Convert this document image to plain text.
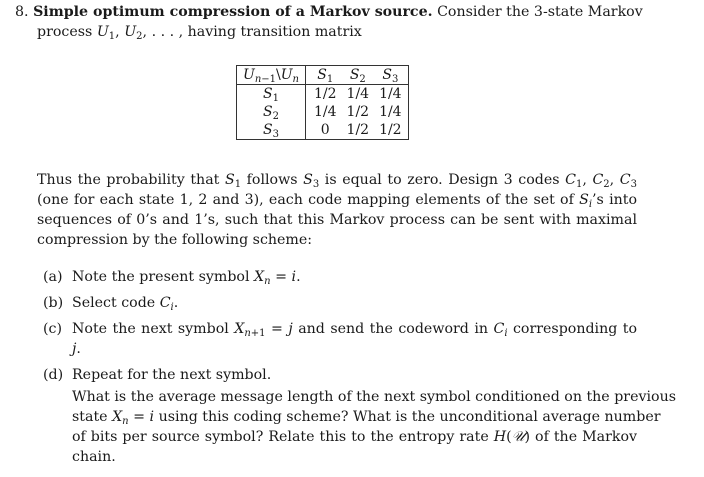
8. Simple optimum compression of a Markov source. Consider the 3-state Markov
process $U_1$, $U_2$, . . . , having transition matrix
$U_{n-1}\backslash U_n$	$S_1$	$S_2$	$S_3$
$S_1$	1/2	1/4	1/4
$S_2$	1/4	1/2	1/4
$S_3$	0	1/2	1/2
Thus the probability that $S_1$ follows $S_3$ is equal to zero. Design 3 codes $C_1$, $C_2$, $C_3$
(one for each state 1, 2 and 3), each code mapping elements of the set of $S_i’s$ into
sequences of 0’s and 1’s, such that this Markov process can be sent with maximal
compression by the following scheme:
(a) Note the present symbol $X_n = i$.
(b) Select code $C_i$.
(c) Note the next symbol $X_{n+1} = j$ and send the codeword in $C_i$ corresponding to
j.
(d) Repeat for the next symbol.
What is the average message length of the next symbol conditioned on the previous
state $X_n = i$ using this coding scheme? What is the unconditional average number
of bits per source symbol? Relate this to the entropy rate H(𝒰) of the Markov
chain.
